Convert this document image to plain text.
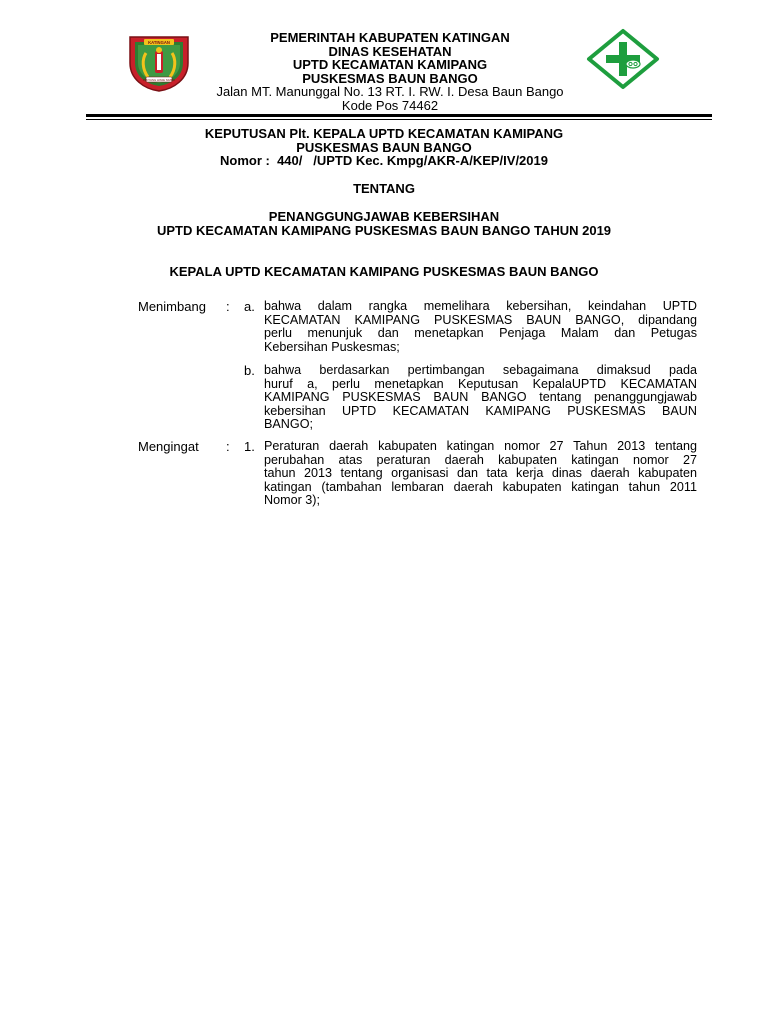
KATINGAN
PENYANG HINJE SIMPEI
PEMERINTAH KABUPATEN KATINGAN
DINAS KESEHATAN
UPTD KECAMATAN KAMIPANG
PUSKESMAS BAUN BANGO
Jalan MT. Manunggal No. 13 RT. I. RW. I. Desa Baun Bango
Kode Pos 74462
KEPUTUSAN Plt. KEPALA UPTD KECAMATAN KAMIPANG
PUSKESMAS BAUN BANGO
Nomor :  440/   /UPTD Kec. Kmpg/AKR-A/KEP/IV/2019
TENTANG
PENANGGUNGJAWAB KEBERSIHAN
UPTD KECAMATAN KAMIPANG PUSKESMAS BAUN BANGO TAHUN 2019
KEPALA UPTD KECAMATAN KAMIPANG PUSKESMAS BAUN BANGO
Menimbang : a. bahwa dalam rangka memelihara kebersihan, keindahan UPTD
KECAMATAN KAMIPANG PUSKESMAS BAUN BANGO, dipandang
perlu menunjuk dan menetapkan Penjaga Malam dan Petugas
Kebersihan Puskesmas;
b. bahwa berdasarkan pertimbangan sebagaimana dimaksud pada
huruf a, perlu menetapkan Keputusan KepalaUPTD KECAMATAN
KAMIPANG PUSKESMAS BAUN BANGO tentang penanggungjawab
kebersihan UPTD KECAMATAN KAMIPANG PUSKESMAS BAUN
BANGO;
Mengingat : 1. Peraturan daerah kabupaten katingan nomor 27 Tahun 2013 tentang
perubahan atas peraturan daerah kabupaten katingan nomor 27
tahun 2013 tentang organisasi dan tata kerja dinas daerah kabupaten
katingan (tambahan lembaran daerah kabupaten katingan tahun 2011
Nomor 3);
